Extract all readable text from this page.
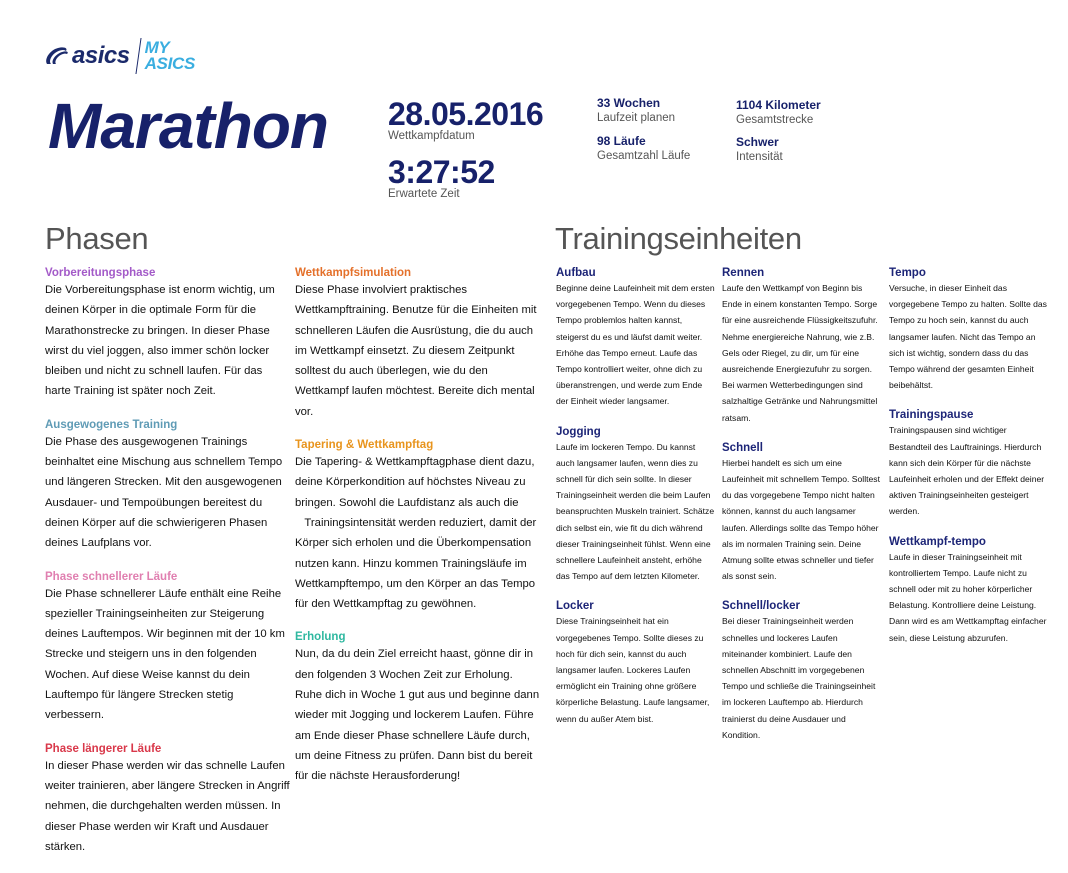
asics MY
ASICS
Marathon 28.05.2016
Wettkampfdatum
3:27:52
Erwartete Zeit
33 Wochen
Laufzeit planen
98 Läufe
Gesamtzahl Läufe
1104 Kilometer
Gesamtstrecke
Schwer
Intensität
Phasen	Trainingseinheiten

Vorbereitungsphase

Die Vorbereitungsphase ist enorm wichtig, um deinen Körper in die optimale Form für die Marathonstrecke zu bringen. In dieser Phase wirst du viel joggen, also immer schön locker bleiben und nicht zu schnell laufen. Für das harte Training ist später noch Zeit.

Ausgewogenes Training

Die Phase des ausgewogenen Trainings beinhaltet eine Mischung aus schnellem Tempo und längeren Strecken. Mit den ausgewogenen Ausdauer- und Tempoübungen bereitest du deinen Körper auf die schwierigeren Phasen deines Laufplans vor.

Phase schnellerer Läufe

Die Phase schnellerer Läufe enthält eine Reihe spezieller Trainingseinheiten zur Steigerung deines Lauftempos. Wir beginnen mit der 10 km Strecke und steigern uns in den folgenden Wochen. Auf diese Weise kannst du dein Lauftempo für längere Strecken stetig verbessern.

Phase längerer Läufe

In dieser Phase werden wir das schnelle Laufen weiter trainieren, aber längere Strecken in Angriff nehmen, die durchgehalten werden müssen. In dieser Phase werden wir Kraft und Ausdauer stärken.

Wettkampfsimulation

Diese Phase involviert praktisches Wettkampftraining. Benutze für die Einheiten mit schnelleren Läufen die Ausrüstung, die du auch im Wettkampf einsetzt. Zu diesem Zeitpunkt solltest du auch überlegen, wie du den Wettkampf laufen möchtest. Bereite dich mental vor.

Tapering & Wettkampftag

Die Tapering- & Wettkampftagphase dient dazu, deine Körperkondition auf höchstes Niveau zu bringen. Sowohl die Laufdistanz als auch die    Trainingsintensität werden reduziert, damit der Körper sich erholen und die Überkompensation nutzen kann. Hinzu kommen Trainingsläufe im Wettkampftempo, um den Körper an das Tempo für den Wettkampftag zu gewöhnen.

Erholung

Nun, da du dein Ziel erreicht haast, gönne dir in den folgenden 3 Wochen Zeit zur Erholung. Ruhe dich in Woche 1 gut aus und beginne dann wieder mit Jogging und lockerem Laufen. Führe am Ende dieser Phase schnellere Läufe durch, um deine Fitness zu prüfen. Dann bist du bereit für die nächste Herausforderung!

Aufbau

Beginne deine Laufeinheit mit dem ersten vorgegebenen Tempo. Wenn du dieses Tempo problemlos halten kannst, steigerst du es und läufst damit weiter. Erhöhe das Tempo erneut. Laufe das Tempo kontrolliert weiter, ohne dich zu überanstrengen, und werde zum Ende der Einheit wieder langsamer.

Jogging

Laufe im lockeren Tempo. Du kannst auch langsamer laufen, wenn dies zu schnell für dich sein sollte. In dieser Trainingseinheit werden die beim Laufen beanspruchten Muskeln trainiert. Schätze dich selbst ein, wie fit du dich während dieser Trainingseinheit fühlst. Wenn eine schnellere Laufeinheit ansteht, erhöhe das Tempo auf dem letzten Kilometer.

Locker

Diese Trainingseinheit hat ein vorgegebenes Tempo. Sollte dieses zu hoch für dich sein, kannst du auch langsamer laufen. Lockeres Laufen ermöglicht ein Training ohne größere körperliche Belastung. Laufe langsamer, wenn du außer Atem bist.

Rennen

Laufe den Wettkampf von Beginn bis Ende in einem konstanten Tempo. Sorge für eine ausreichende Flüssigkeitszufuhr. Nehme energiereiche Nahrung, wie z.B. Gels oder Riegel, zu dir, um für eine ausreichende Energiezufuhr zu sorgen. Bei warmen Wetterbedingungen sind salzhaltige Getränke und Nahrungsmittel ratsam.

Schnell

Hierbei handelt es sich um eine Laufeinheit mit schnellem Tempo. Solltest du das vorgegebene Tempo nicht halten können, kannst du auch langsamer laufen. Allerdings sollte das Tempo höher als im normalen Training sein. Deine Atmung sollte etwas schneller und tiefer als sonst sein.

Schnell/locker

Bei dieser Trainingseinheit werden schnelles und lockeres Laufen miteinander kombiniert. Laufe den schnellen Abschnitt im vorgegebenen Tempo und schließe die Trainingseinheit im lockeren Lauftempo ab. Hierdurch trainierst du deine Ausdauer und Kondition.

Tempo

Versuche, in dieser Einheit das vorgegebene Tempo zu halten. Sollte das Tempo zu hoch sein, kannst du auch langsamer laufen. Nicht das Tempo an sich ist wichtig, sondern dass du das Tempo während der gesamten Einheit beibehältst.

Trainingspause

Trainingspausen sind wichtiger Bestandteil des Lauftrainings. Hierdurch kann sich dein Körper für die nächste Laufeinheit erholen und der Effekt deiner aktiven Trainingseinheiten gesteigert werden.

Wettkampf-tempo

Laufe in dieser Trainingseinheit mit kontrolliertem Tempo. Laufe nicht zu schnell oder mit zu hoher körperlicher Belastung. Kontrolliere deine Leistung. Dann wird es am Wettkampftag einfacher sein, diese Leistung abzurufen.
